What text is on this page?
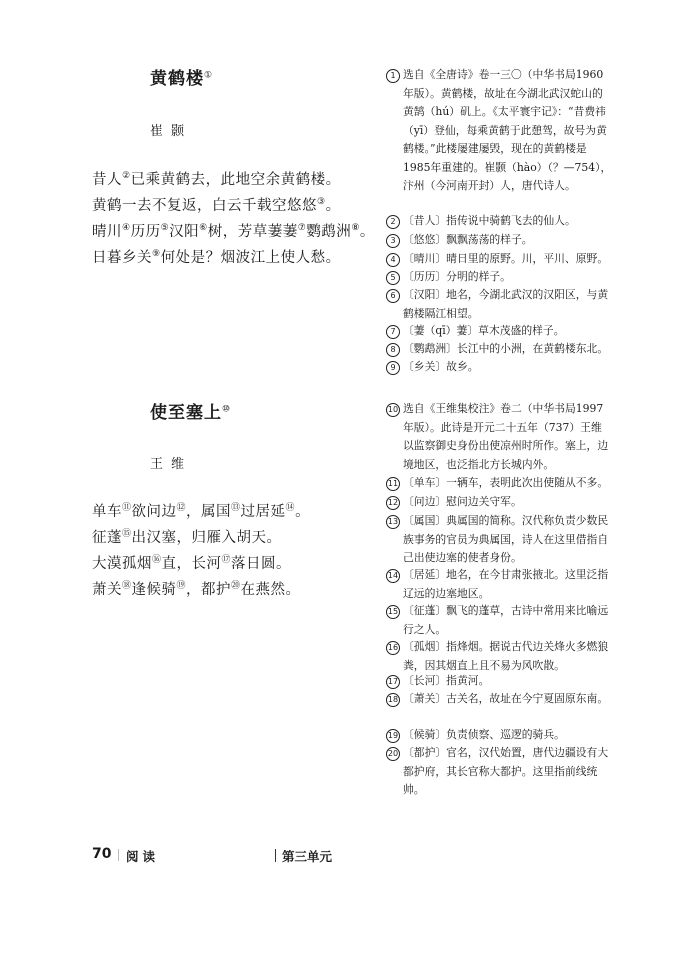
黄鹤楼①
崔颢
昔人②已乘黄鹤去，此地空余黄鹤楼。
黄鹤一去不复返，白云千载空悠悠③。
晴川④历历⑤汉阳⑥树，芳草萋萋⑦鹦鹉洲⑧。
日暮乡关⑨何处是？烟波江上使人愁。
使至塞上⑩
王维
单车⑪欲问边⑫，属国⑬过居延⑭。
征蓬⑮出汉塞，归雁入胡天。
大漠孤烟⑯直，长河⑰落日圆。
萧关⑱逢候骑⑲，都护⑳在燕然。
1 选自《全唐诗》卷一三〇（中华书局1960年版）。黄鹤楼，故址在今湖北武汉蛇山的黄鹄（hú）矶上。《太平寰宇记》：“昔费祎（yī）登仙，每乘黄鹤于此憩驾，故号为黄鹤楼。”此楼屡建屡毁，现在的黄鹤楼是1985年重建的。崔颢（hào）（？—754），汴州（今河南开封）人，唐代诗人。
2 〔昔人〕指传说中骑鹤飞去的仙人。
3 〔悠悠〕飘飘荡荡的样子。
4 〔晴川〕晴日里的原野。川，平川、原野。
5 〔历历〕分明的样子。
6 〔汉阳〕地名，今湖北武汉的汉阳区，与黄鹤楼隔江相望。
7 〔萋（qī）萋〕草木茂盛的样子。
8 〔鹦鹉洲〕长江中的小洲，在黄鹤楼东北。
9 〔乡关〕故乡。
10 选自《王维集校注》卷二（中华书局1997年版）。此诗是开元二十五年（737）王维以监察御史身份出使凉州时所作。塞上，边境地区，也泛指北方长城内外。
11 〔单车〕一辆车，表明此次出使随从不多。
12 〔问边〕慰问边关守军。
13 〔属国〕典属国的简称。汉代称负责少数民族事务的官员为典属国，诗人在这里借指自己出使边塞的使者身份。
14 〔居延〕地名，在今甘肃张掖北。这里泛指辽远的边塞地区。
15 〔征蓬〕飘飞的蓬草，古诗中常用来比喻远行之人。
16 〔孤烟〕指烽烟。据说古代边关烽火多燃狼粪，因其烟直上且不易为风吹散。
17 〔长河〕指黄河。
18 〔萧关〕古关名，故址在今宁夏固原东南。
19 〔候骑〕负责侦察、巡逻的骑兵。
20 〔都护〕官名，汉代始置，唐代边疆设有大都护府，其长官称大都护。这里指前线统帅。
70 阅读	第三单元
